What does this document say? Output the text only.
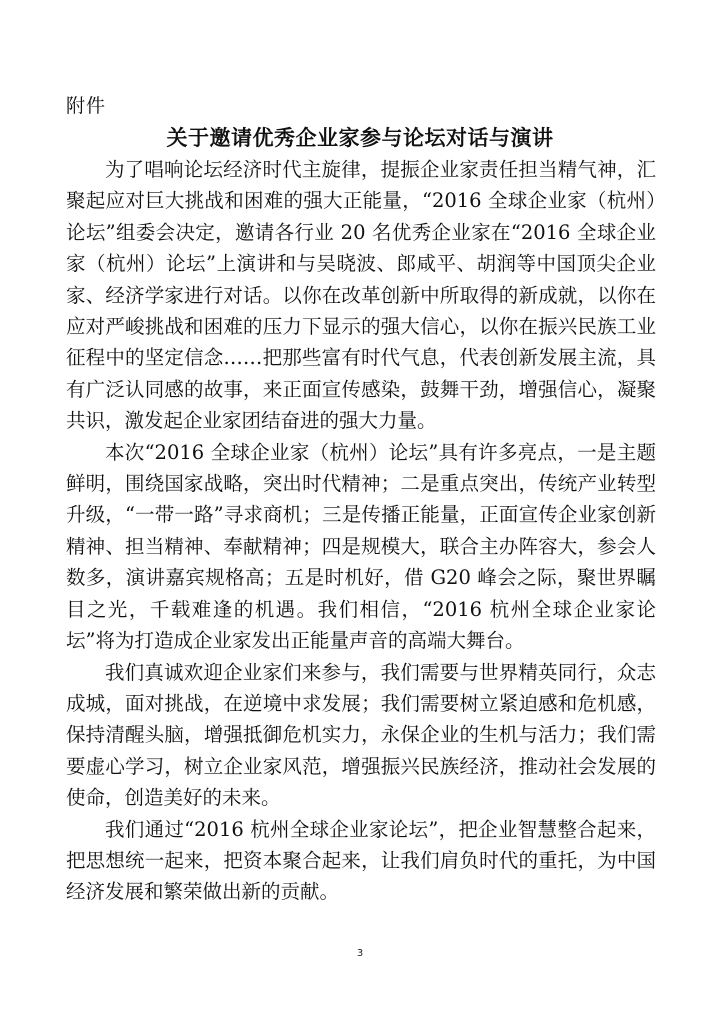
附件
关于邀请优秀企业家参与论坛对话与演讲

为了唱响论坛经济时代主旋律，提振企业家责任担当精气神，汇聚起应对巨大挑战和困难的强大正能量，“2016 全球企业家（杭州）论坛”组委会决定，邀请各行业 20 名优秀企业家在“2016 全球企业家（杭州）论坛”上演讲和与吴晓波、郎咸平、胡润等中国顶尖企业家、经济学家进行对话。以你在改革创新中所取得的新成就，以你在应对严峻挑战和困难的压力下显示的强大信心，以你在振兴民族工业征程中的坚定信念……把那些富有时代气息，代表创新发展主流，具有广泛认同感的故事，来正面宣传感染，鼓舞干劲，增强信心，凝聚共识，激发起企业家团结奋进的强大力量。

本次“2016 全球企业家（杭州）论坛”具有许多亮点，一是主题鲜明，围绕国家战略，突出时代精神；二是重点突出，传统产业转型升级，“一带一路”寻求商机；三是传播正能量，正面宣传企业家创新精神、担当精神、奉献精神；四是规模大，联合主办阵容大，参会人数多，演讲嘉宾规格高；五是时机好，借 G20 峰会之际，聚世界瞩目之光，千载难逢的机遇。我们相信，“2016 杭州全球企业家论坛”将为打造成企业家发出正能量声音的高端大舞台。

我们真诚欢迎企业家们来参与，我们需要与世界精英同行，众志成城，面对挑战，在逆境中求发展；我们需要树立紧迫感和危机感，保持清醒头脑，增强抵御危机实力，永保企业的生机与活力；我们需要虚心学习，树立企业家风范，增强振兴民族经济，推动社会发展的使命，创造美好的未来。

我们通过“2016 杭州全球企业家论坛”，把企业智慧整合起来，把思想统一起来，把资本聚合起来，让我们肩负时代的重托，为中国经济发展和繁荣做出新的贡献。

3
